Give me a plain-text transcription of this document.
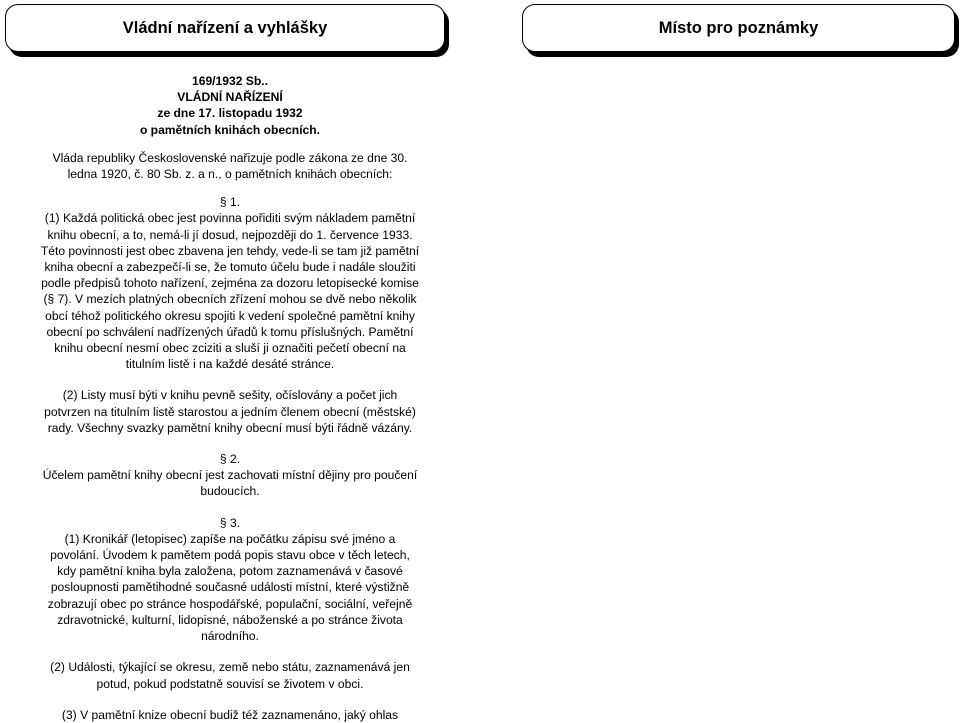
Vládní nařízení a vyhlášky	Místo pro poznámky

169/1932 Sb..

VLÁDNÍ NAŘÍZENÍ

ze dne 17. listopadu 1932

o pamětních knihách obecních.

Vláda republiky Československé nařizuje podle zákona ze dne 30. ledna 1920, č. 80 Sb. z. a n., o pamětních knihách obecních:

§ 1.

(1) Každá politická obec jest povinna pořiditi svým nákladem pamětní knihu obecní, a to, nemá-li jí dosud, nejpozději do 1. července 1933. Této povinnosti jest obec zbavena jen tehdy, vede-li se tam již pamětní kniha obecní a zabezpečí-li se, že tomuto účelu bude i nadále sloužiti podle předpisů tohoto nařízení, zejména za dozoru letopisecké komise (§ 7). V mezích platných obecních zřízení mohou se dvě nebo několik obcí téhož politického okresu spojiti k vedení společné pamětní knihy obecní po schválení nadřízených úřadů k tomu příslušných. Pamětní knihu obecní nesmí obec zciziti a sluší ji označiti pečetí obecní na titulním listě i na každé desáté stránce.

(2) Listy musí býti v knihu pevně sešity, očíslovány a počet jich potvrzen na titulním listě starostou a jedním členem obecní (městské) rady. Všechny svazky pamětní knihy obecní musí býti řádně vázány.

§ 2.

Účelem pamětní knihy obecní jest zachovati místní dějiny pro poučení budoucích.

§ 3.

(1) Kronikář (letopisec) zapíše na počátku zápisu své jméno a povolání. Úvodem k pamětem podá popis stavu obce v těch letech, kdy pamětní kniha byla založena, potom zaznamenává v časové posloupnosti pamětihodné současné události místní, které výstižně zobrazují obec po stránce hospodářské, populační, sociální, veřejně zdravotnické, kulturní, lidopisné, náboženské a po stránce života národního.

(2) Události, týkající se okresu, země nebo státu, zaznamenává jen potud, pokud podstatně souvisí se životem v obci.

(3) V pamětní knize obecní budiž též zaznamenáno, jaký ohlas
